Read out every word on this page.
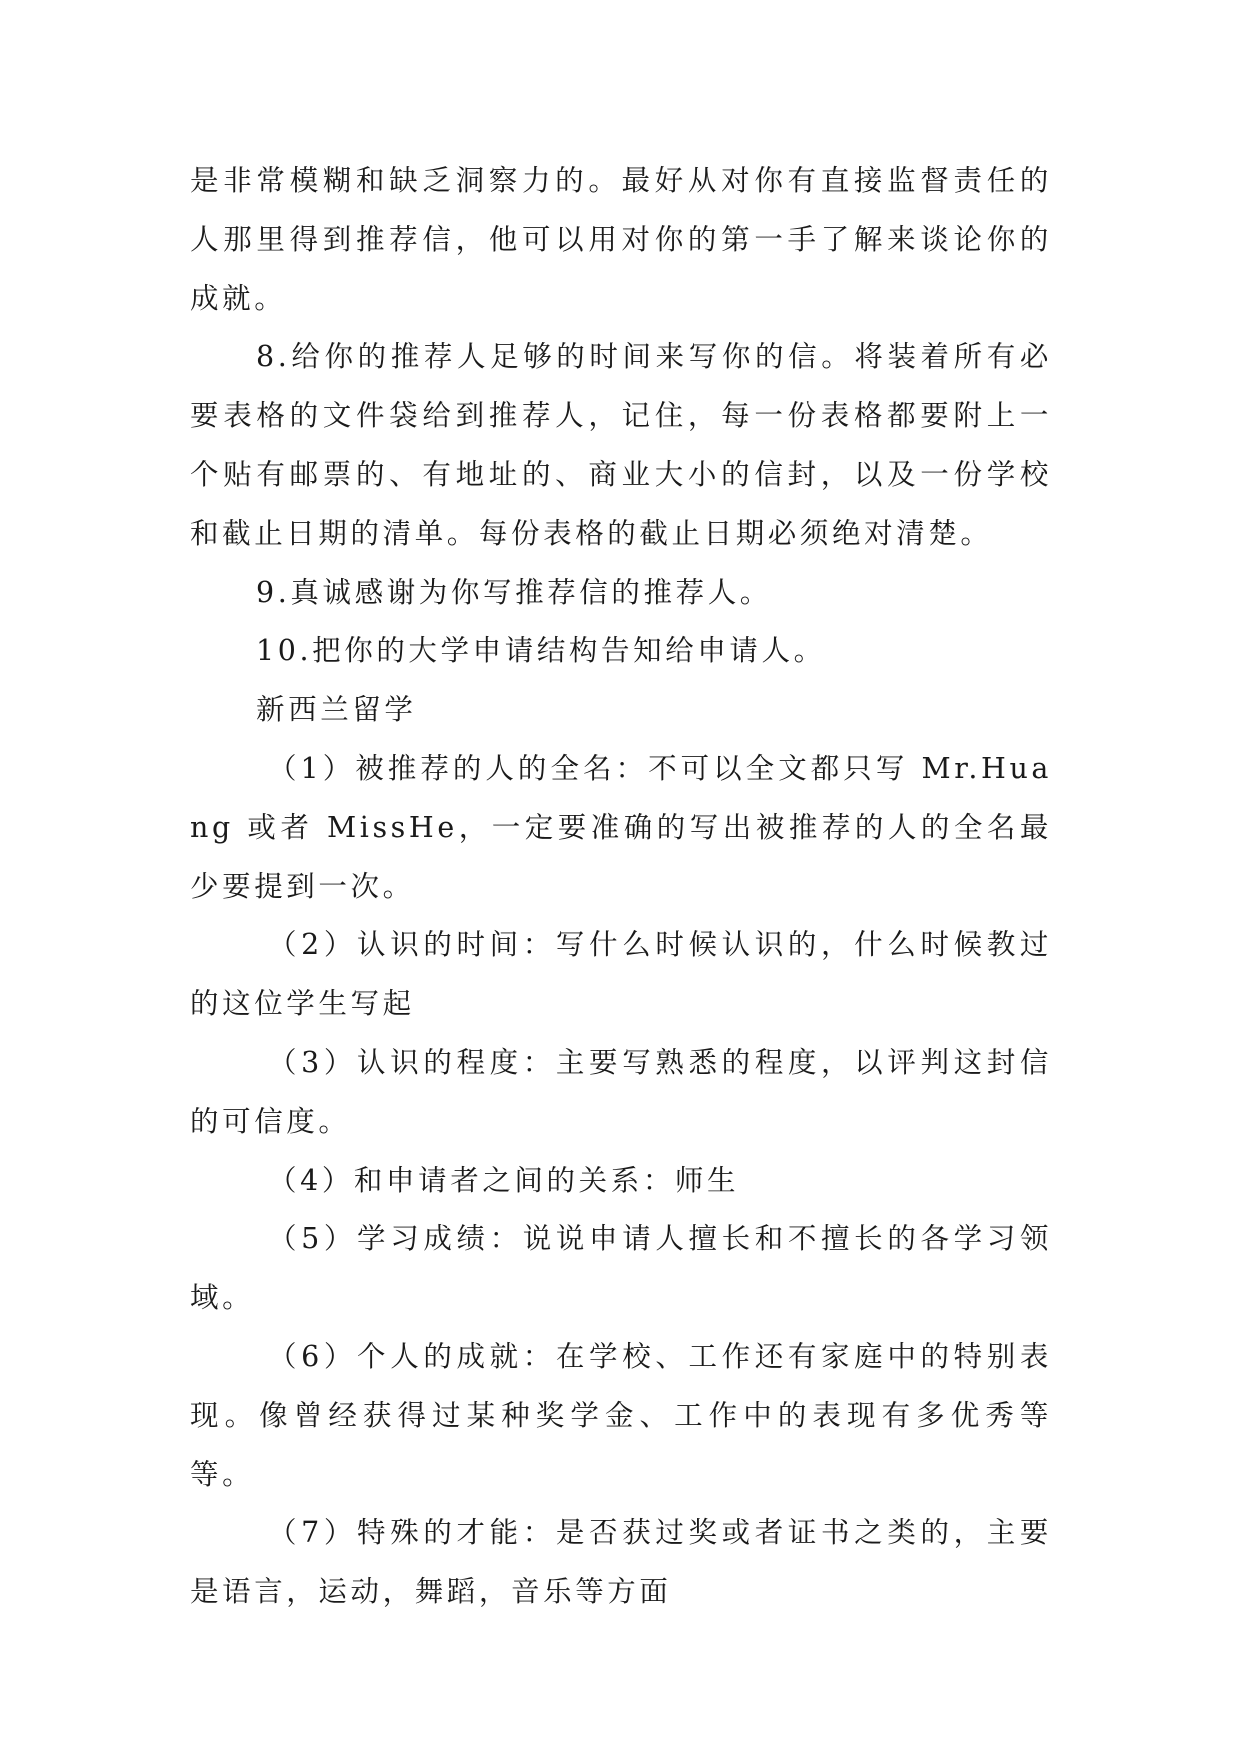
是非常模糊和缺乏洞察力的。最好从对你有直接监督责任的人那里得到推荐信，他可以用对你的第一手了解来谈论你的成就。

8.给你的推荐人足够的时间来写你的信。将装着所有必要表格的文件袋给到推荐人，记住，每一份表格都要附上一个贴有邮票的、有地址的、商业大小的信封，以及一份学校和截止日期的清单。每份表格的截止日期必须绝对清楚。

9.真诚感谢为你写推荐信的推荐人。

10.把你的大学申请结构告知给申请人。

新西兰留学

（1）被推荐的人的全名：不可以全文都只写 Mr.Huang 或者 MissHe，一定要准确的写出被推荐的人的全名最少要提到一次。

（2）认识的时间：写什么时候认识的，什么时候教过的这位学生写起

（3）认识的程度：主要写熟悉的程度，以评判这封信的可信度。

（4）和申请者之间的关系：师生

（5）学习成绩：说说申请人擅长和不擅长的各学习领域。

（6）个人的成就：在学校、工作还有家庭中的特别表现。像曾经获得过某种奖学金、工作中的表现有多优秀等等。

（7）特殊的才能：是否获过奖或者证书之类的，主要是语言，运动，舞蹈，音乐等方面
